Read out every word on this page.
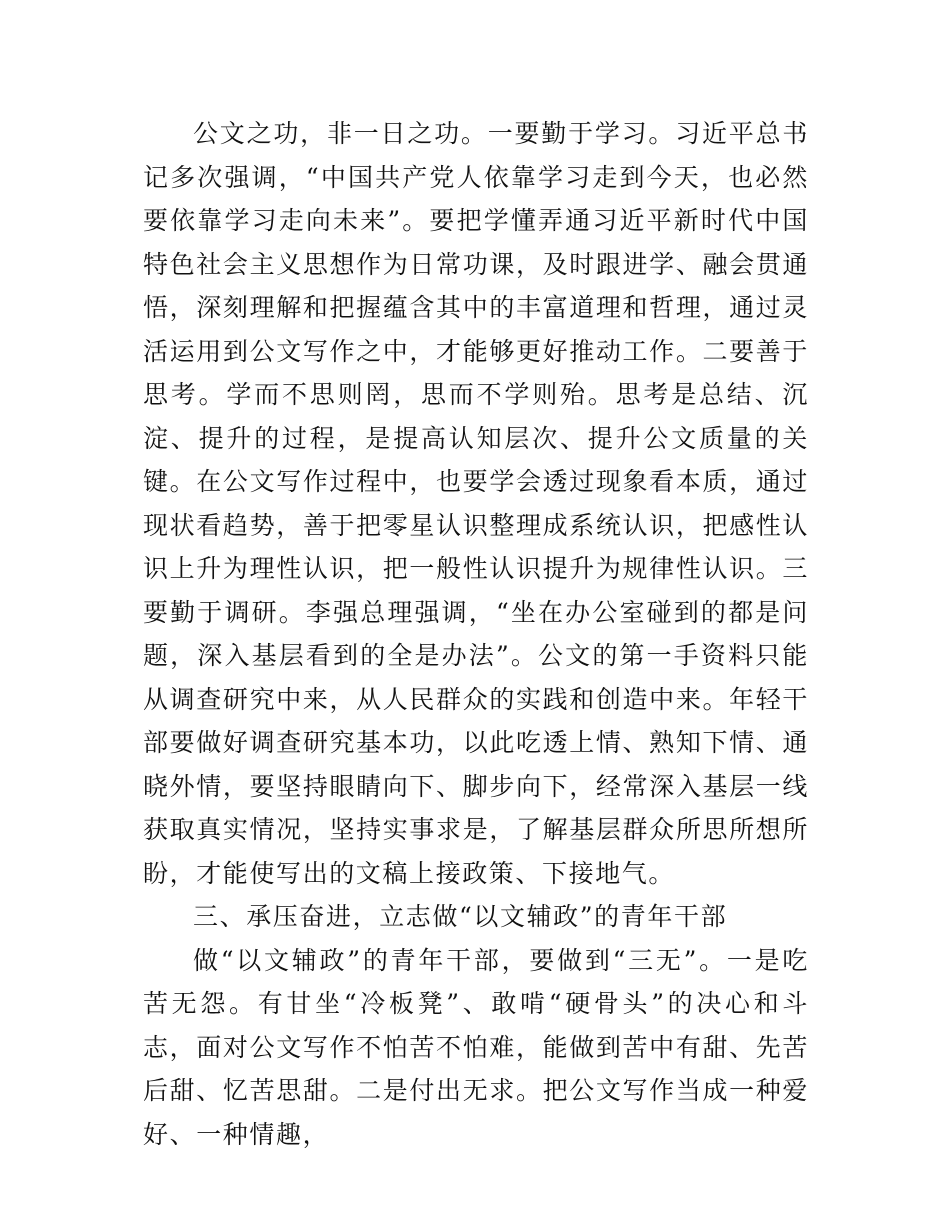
公文之功，非一日之功。一要勤于学习。习近平总书记多次强调，“中国共产党人依靠学习走到今天，也必然要依靠学习走向未来”。要把学懂弄通习近平新时代中国特色社会主义思想作为日常功课，及时跟进学、融会贯通悟，深刻理解和把握蕴含其中的丰富道理和哲理，通过灵活运用到公文写作之中，才能够更好推动工作。二要善于思考。学而不思则罔，思而不学则殆。思考是总结、沉淀、提升的过程，是提高认知层次、提升公文质量的关键。在公文写作过程中，也要学会透过现象看本质，通过现状看趋势，善于把零星认识整理成系统认识，把感性认识上升为理性认识，把一般性认识提升为规律性认识。三要勤于调研。李强总理强调，“坐在办公室碰到的都是问题，深入基层看到的全是办法”。公文的第一手资料只能从调查研究中来，从人民群众的实践和创造中来。年轻干部要做好调查研究基本功，以此吃透上情、熟知下情、通晓外情，要坚持眼睛向下、脚步向下，经常深入基层一线获取真实情况，坚持实事求是，了解基层群众所思所想所盼，才能使写出的文稿上接政策、下接地气。

三、承压奋进，立志做“以文辅政”的青年干部

做“以文辅政”的青年干部，要做到“三无”。一是吃苦无怨。有甘坐“冷板凳”、敢啃“硬骨头”的决心和斗志，面对公文写作不怕苦不怕难，能做到苦中有甜、先苦后甜、忆苦思甜。二是付出无求。把公文写作当成一种爱好、一种情趣，
